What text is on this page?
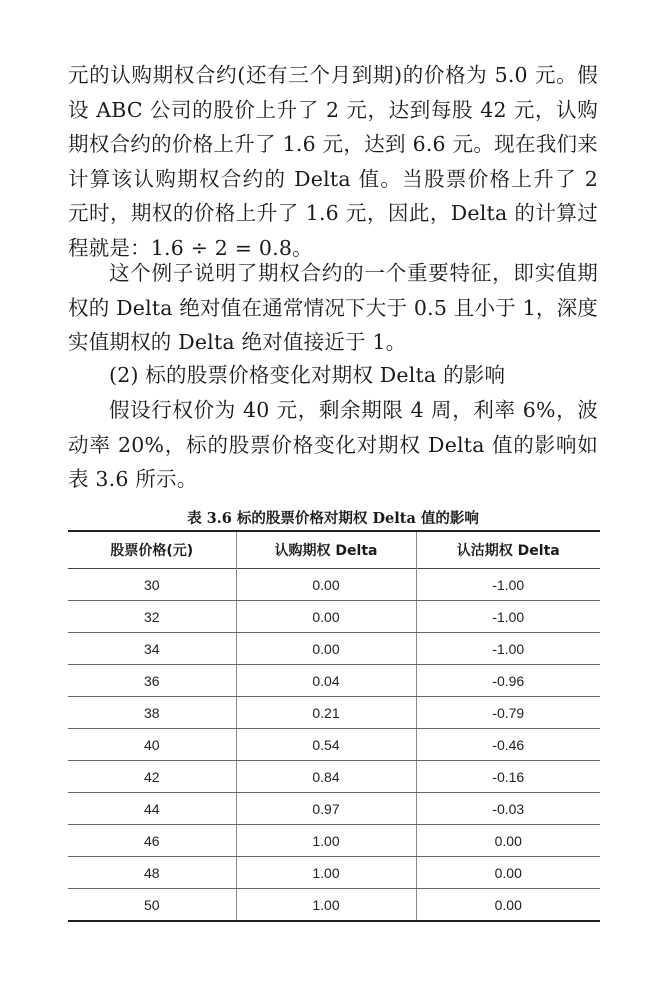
元的认购期权合约(还有三个月到期)的价格为 5.0 元。假设 ABC 公司的股价上升了 2 元，达到每股 42 元，认购期权合约的价格上升了 1.6 元，达到 6.6 元。现在我们来计算该认购期权合约的 Delta 值。当股票价格上升了 2 元时，期权的价格上升了 1.6 元，因此，Delta 的计算过程就是：1.6 ÷ 2 = 0.8。

这个例子说明了期权合约的一个重要特征，即实值期权的 Delta 绝对值在通常情况下大于 0.5 且小于 1，深度实值期权的 Delta 绝对值接近于 1。

(2) 标的股票价格变化对期权 Delta 的影响

假设行权价为 40 元，剩余期限 4 周，利率 6%，波动率 20%，标的股票价格变化对期权 Delta 值的影响如表 3.6 所示。

表 3.6 标的股票价格对期权 Delta 值的影响

股票价格(元)	认购期权 Delta	认沽期权 Delta
30	0.00	-1.00
32	0.00	-1.00
34	0.00	-1.00
36	0.04	-0.96
38	0.21	-0.79
40	0.54	-0.46
42	0.84	-0.16
44	0.97	-0.03
46	1.00	0.00
48	1.00	0.00
50	1.00	0.00
